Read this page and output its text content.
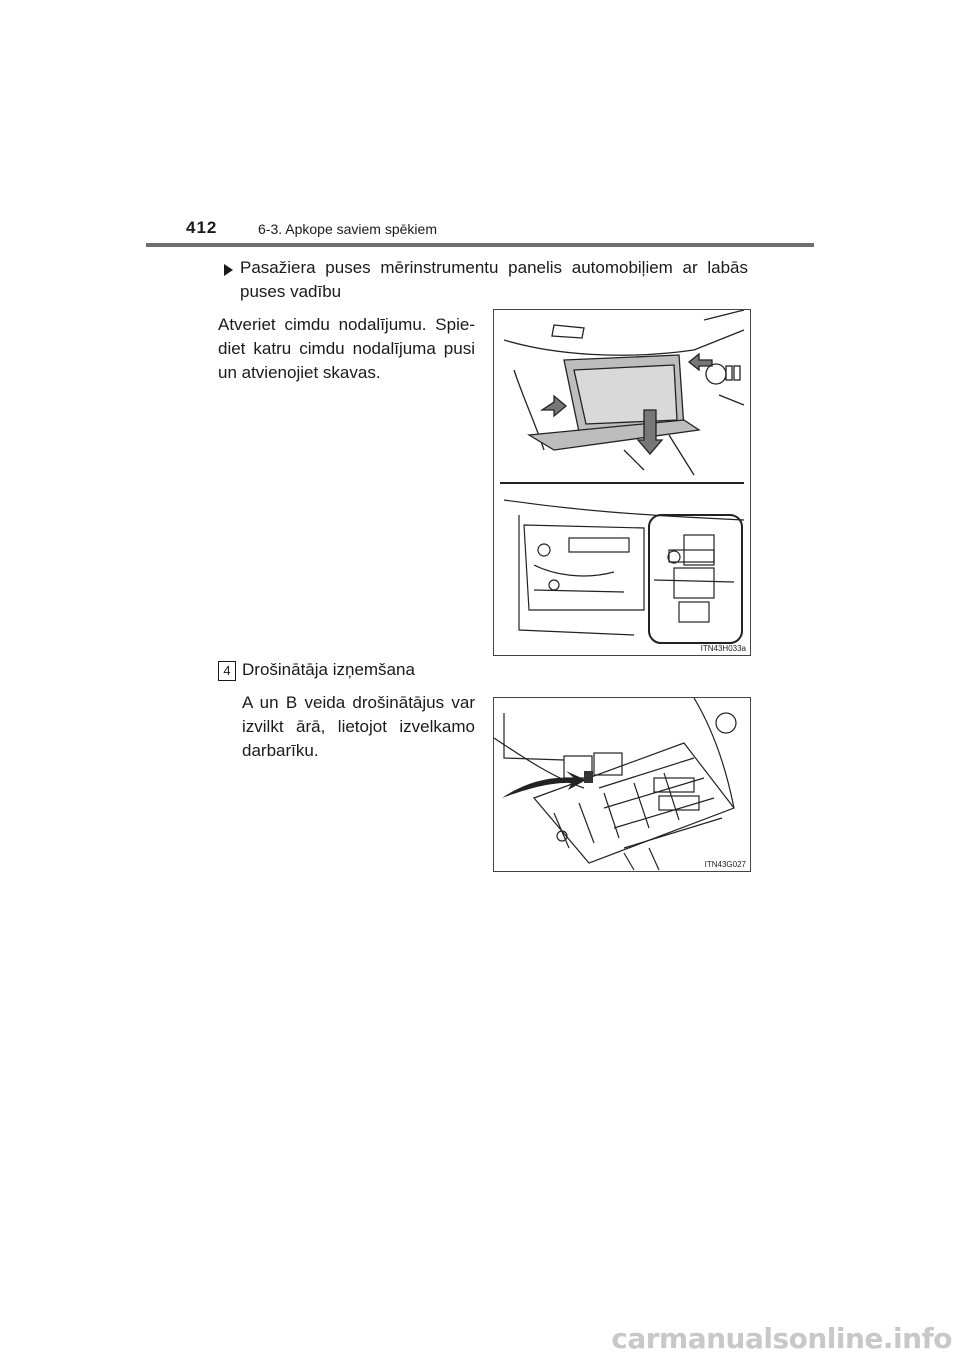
412	6-3. Apkope saviem spēkiem
Pasažiera puses mērinstrumentu panelis automobiļiem ar labās puses vadību
Atveriet cimdu nodalījumu. Spie-diet katru cimdu nodalījuma pusi un atvienojiet skavas.
ITN43H033a
4 Drošinātāja izņemšana
A un B veida drošinātājus var izvilkt ārā, lietojot izvelkamo darbarīku.
ITN43G027
carmanualsonline.info
